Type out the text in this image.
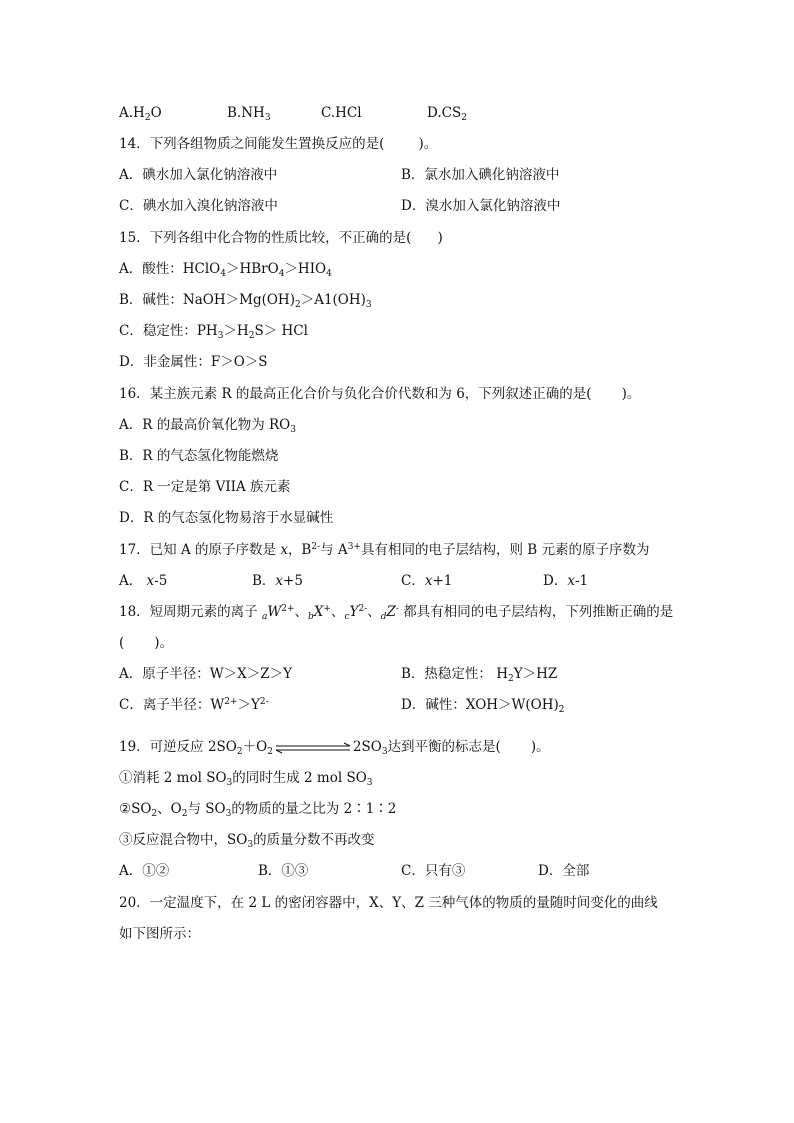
$A.H_2O$	$B.NH_3$	C.HCl	$D.CS_2$
14．下列各组物质之间能发生置换反应的是(	)。
A．碘水加入氯化钠溶液中	B．氯水加入碘化钠溶液中
C．碘水加入溴化钠溶液中	D．溴水加入氯化钠溶液中
15．下列各组中化合物的性质比较，不正确的是( )
A．酸性：$HClO_4>HBrO_4>HIO_4$
B．碱性：$NaOH>Mg(OH)_2>A1(OH)_3$
C．稳定性：$PH_3>H_2S>$ HCl
D．非金属性：F＞O＞S
16．某主族元素 R 的最高正化合价与负化合价代数和为 6，下列叙述正确的是( )。
A．R 的最高价氧化物为 $RO_3$
B．R 的气态氢化物能燃烧
C．R 一定是第 VIIA 族元素
D．R 的气态氢化物易溶于水显碱性
17．已知 A 的原子序数是 x，$B^{2-}$与 $A^{3+}$具有相同的电子层结构，则 B 元素的原子序数为
A． x-5	B．x+5	C．x+1	D．x-1
18．短周期元素的离子 $_aW^{2+}$、$_b$X+、$_cY^{2-}$、$_d$Z- 都具有相同的电子层结构，下列推断正确的是
( )。
A．原子半径：W＞X＞Z＞Y	B．热稳定性： $H_2Y>HZ$
C．离子半径：$W^{2+}>Y^{2-}$	D．碱性：$XOH>W(OH)_2$
19．可逆反应 $2SO_2+O_2$	$2SO_3$达到平衡的标志是( )。
①消耗 2 mol $SO_3$的同时生成 2 mol $SO_3$
$②SO_2$、$O_2$与 $SO_3$的物质的量之比为 2∶1∶2
③反应混合物中，$SO_3$的质量分数不再改变
A．①②	B．①③	C．只有③	D．全部
20．一定温度下，在 2 L 的密闭容器中，X、Y、Z 三种气体的物质的量随时间变化的曲线
如下图所示：
